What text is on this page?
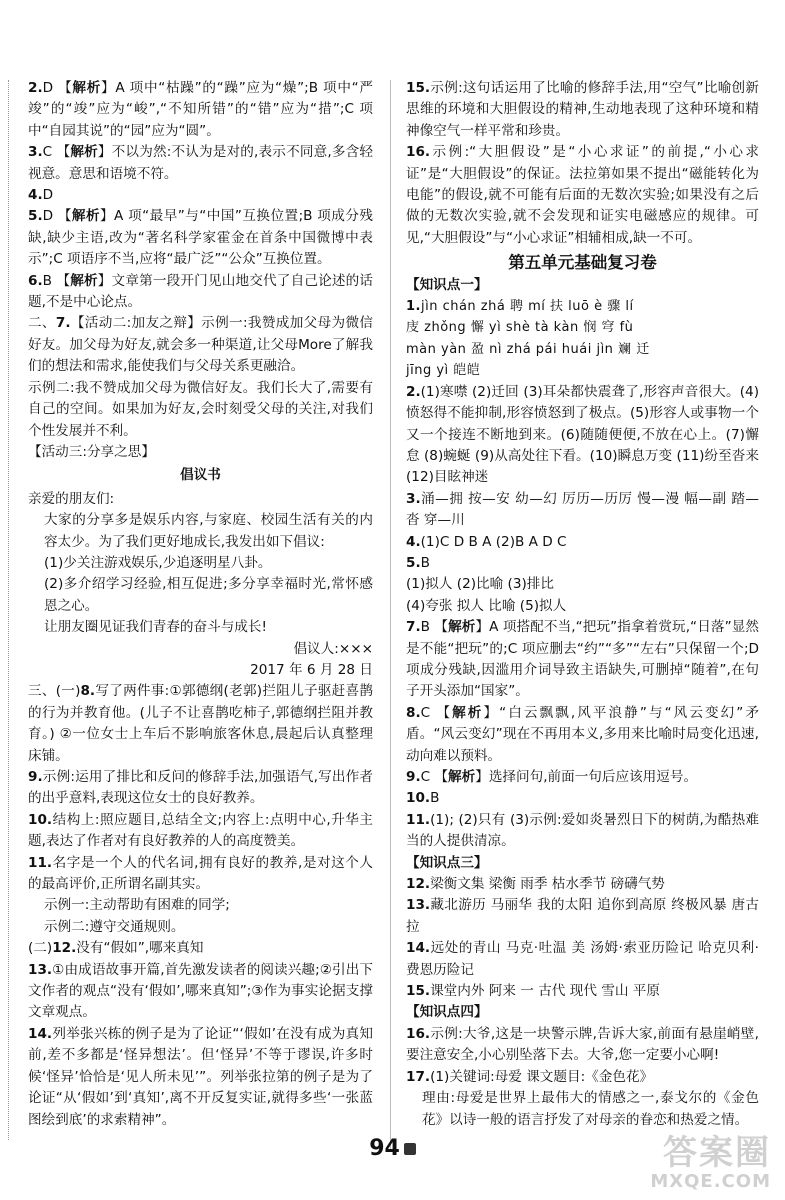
2.D 【解析】A 项中“枯躁”的“躁”应为“燥”;B 项中“严竣”的“竣”应为“峻”,“不知所错”的“错”应为“措”;C 项中“自园其说”的“园”应为“圆”。
3.C 【解析】不以为然:不认为是对的,表示不同意,多含轻视意。意思和语境不符。
4.D
5.D 【解析】A 项“最早”与“中国”互换位置;B 项成分残缺,缺少主语,改为“著名科学家霍金在首条中国微博中表示”;C 项语序不当,应将“最广泛”“公众”互换位置。
6.B 【解析】文章第一段开门见山地交代了自己论述的话题,不是中心论点。
二、7.【活动二:加友之辩】示例一:我赞成加父母为微信好友。加父母为好友,就会多一种渠道,让父母More了解我们的想法和需求,能使我们与父母关系更融洽。
示例二:我不赞成加父母为微信好友。我们长大了,需要有自己的空间。如果加为好友,会时刻受父母的关注,对我们个性发展并不利。
【活动三:分享之思】
倡议书
亲爱的朋友们:
大家的分享多是娱乐内容,与家庭、校园生活有关的内容太少。为了我们更好地成长,我发出如下倡议:
(1)少关注游戏娱乐,少追逐明星八卦。
(2)多介绍学习经验,相互促进;多分享幸福时光,常怀感恩之心。
让朋友圈见证我们青春的奋斗与成长!
倡议人:×××
2017 年 6 月 28 日
三、(一)8.写了两件事:①郭德纲(老郭)拦阻儿子驱赶喜鹊的行为并教育他。(儿子不让喜鹊吃柿子,郭德纲拦阻并教育。) ②一位女士上车后不影响旅客休息,晨起后认真整理床铺。
9.示例:运用了排比和反问的修辞手法,加强语气,写出作者的出乎意料,表现这位女士的良好教养。
10.结构上:照应题目,总结全文;内容上:点明中心,升华主题,表达了作者对有良好教养的人的高度赞美。
11.名字是一个人的代名词,拥有良好的教养,是对这个人的最高评价,正所谓名副其实。
示例一:主动帮助有困难的同学;
示例二:遵守交通规则。
(二)12.没有“假如”,哪来真知
13.①由成语故事开篇,首先激发读者的阅读兴趣;②引出下文作者的观点“没有‘假如’,哪来真知”;③作为事实论据支撑文章观点。
14.列举张兴栋的例子是为了论证“‘假如’在没有成为真知前,差不多都是‘怪异想法’。但‘怪异’不等于谬误,许多时候‘怪异’恰恰是‘见人所未见’”。列举张拉第的例子是为了论证“从‘假如’到‘真知’,离不开反复实证,就得多些‘一张蓝图绘到底’的求索精神”。
15.示例:这句话运用了比喻的修辞手法,用“空气”比喻创新思维的环境和大胆假设的精神,生动地表现了这种环境和精神像空气一样平常和珍贵。
16.示例:“大胆假设”是“小心求证”的前提,“小心求证”是“大胆假设”的保证。法拉第如果不提出“磁能转化为电能”的假设,就不可能有后面的无数次实验;如果没有之后做的无数次实验,就不会发现和证实电磁感应的规律。可见,“大胆假设”与“小心求证”相辅相成,缺一不可。
第五单元基础复习卷
【知识点一】
1.jìn chán zhá 聘 mí 扶 luō è 骤 lí
庋 zhǒng 懈 yì shè tà kàn 悯 穹 fù
màn yàn 盈 nì zhá pái huái jìn 斓 迁
jīng yì 皑皑
2.(1)寒噤 (2)迁回 (3)耳朵都快震聋了,形容声音很大。(4)愤怒得不能抑制,形容愤怒到了极点。(5)形容人或事物一个又一个接连不断地到来。(6)随随便便,不放在心上。(7)懈怠 (8)蜿蜒 (9)从高处往下看。(10)瞬息万变 (11)纷至沓来 (12)目眩神迷
3.涌—拥 按—安 幼—幻 厉历—历厉 慢—漫 幅—副 踏—沓 穿—川
4.(1)C D B A (2)B A D C
5.B
(1)拟人 (2)比喻 (3)排比
(4)夸张 拟人 比喻 (5)拟人
7.B 【解析】A 项搭配不当,“把玩”指拿着赏玩,“日落”显然是不能“把玩”的;C 项应删去“约”“多”“左右”只保留一个;D 项成分残缺,因滥用介词导致主语缺失,可删掉“随着”,在句子开头添加“国家”。
8.C 【解析】“白云飘飘,风平浪静”与“风云变幻”矛盾。“风云变幻”现在不再用本义,多用来比喻时局变化迅速,动向难以预料。
9.C 【解析】选择问句,前面一句后应该用逗号。
10.B
11.(1); (2)只有 (3)示例:爱如炎暑烈日下的树荫,为酷热难当的人提供清凉。
【知识点三】
12.梁衡文集 梁衡 雨季 枯水季节 磅礴气势
13.藏北游历 马丽华 我的太阳 追你到高原 终极风暴 唐古拉
14.远处的青山 马克·吐温 美 汤姆·索亚历险记 哈克贝利·费恩历险记
15.课堂内外 阿来 一 古代 现代 雪山 平原
【知识点四】
16.示例:大爷,这是一块警示牌,告诉大家,前面有悬崖峭壁,要注意安全,小心别坠落下去。大爷,您一定要小心啊!
17.(1)关键词:母爱 课文题目:《金色花》
理由:母爱是世界上最伟大的情感之一,泰戈尔的《金色花》以诗一般的语言抒发了对母亲的眷恋和热爱之情。
94	答案圈
MXQE.COM
